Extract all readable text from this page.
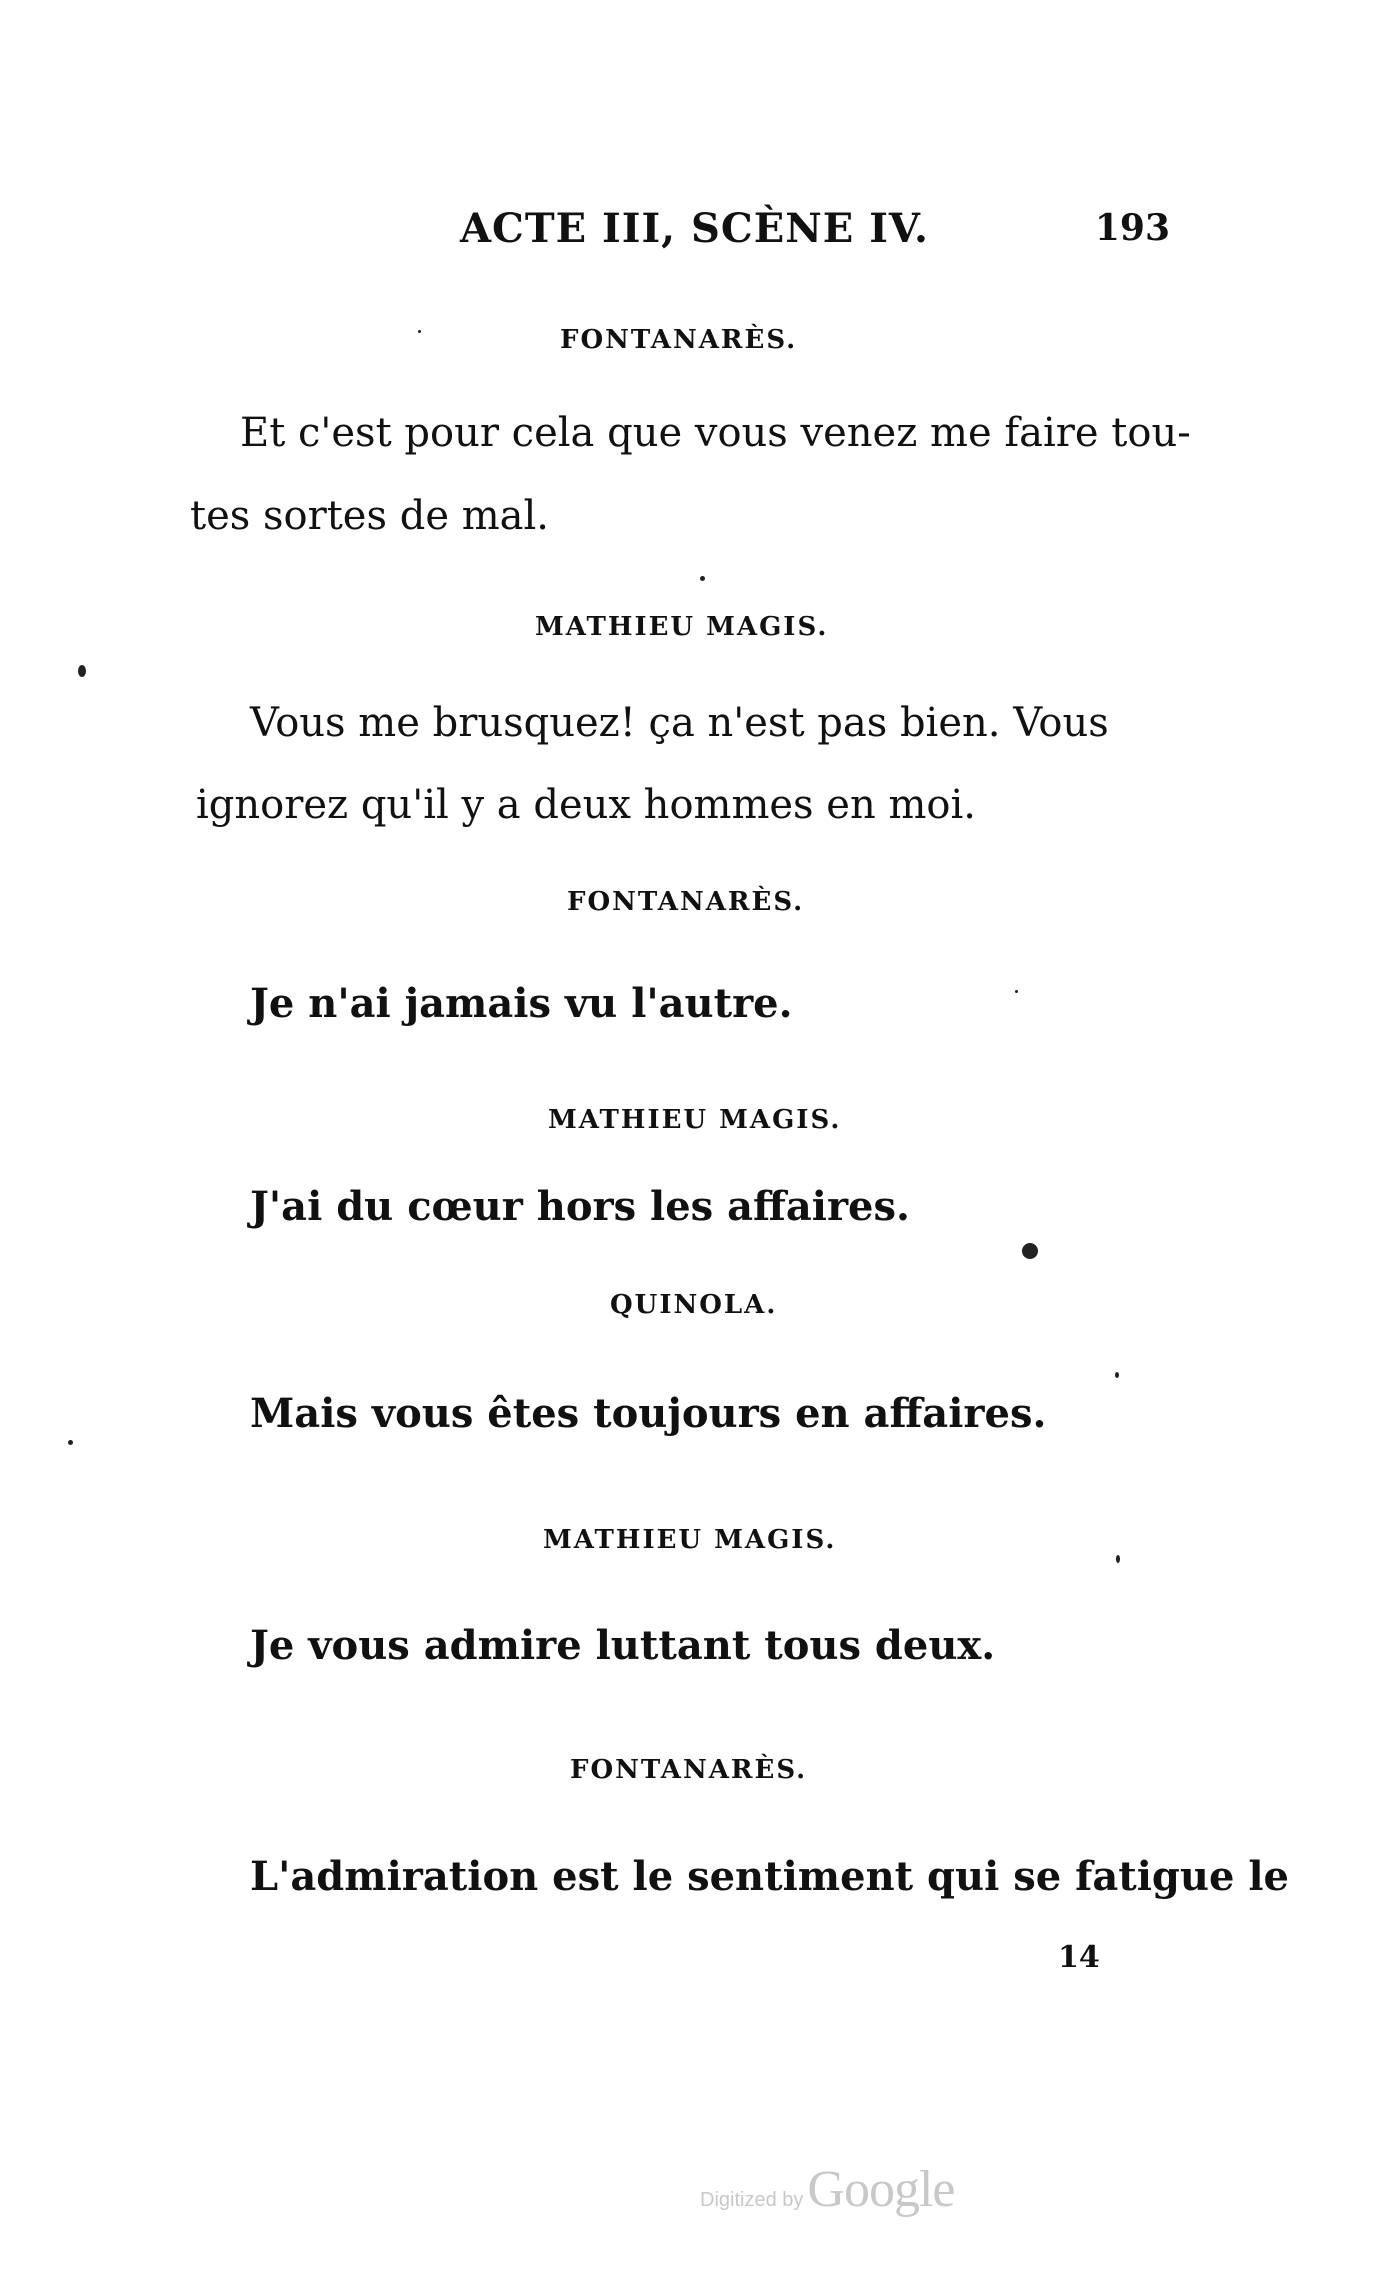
ACTE III, SCÈNE IV.	193
FONTANARÈS.
Et c'est pour cela que vous venez me faire tou-
tes sortes de mal.
MATHIEU MAGIS.
Vous me brusquez! ça n'est pas bien. Vous
ignorez qu'il y a deux hommes en moi.
FONTANARÈS.
Je n'ai jamais vu l'autre.
MATHIEU MAGIS.
J'ai du cœur hors les affaires.
QUINOLA.
Mais vous êtes toujours en affaires.
MATHIEU MAGIS.
Je vous admire luttant tous deux.
FONTANARÈS.
L'admiration est le sentiment qui se fatigue le
14
Digitized by Google
